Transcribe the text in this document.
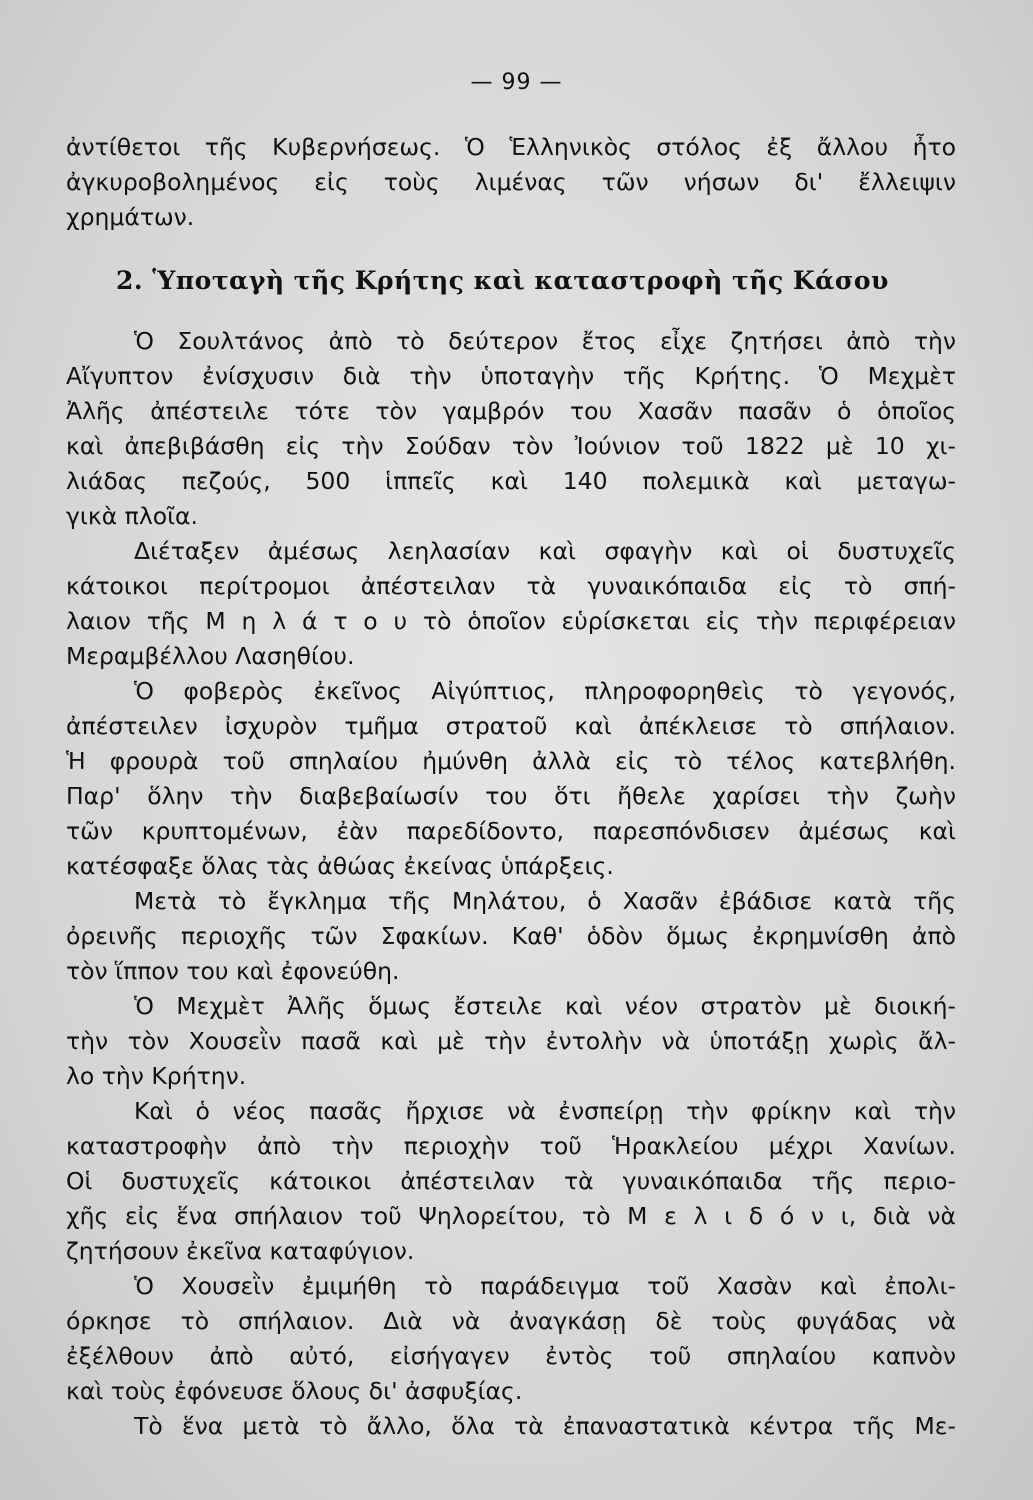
— 99 —
ἀντίθετοι τῆς Κυβερνήσεως. Ὁ Ἑλληνικὸς στόλος ἐξ ἄλλου ἦτο
ἀγκυροβολημένος εἰς τοὺς λιμένας τῶν νήσων δι' ἔλλειψιν
χρημάτων.
2. Ὑποταγὴ τῆς Κρήτης καὶ καταστροφὴ τῆς Κάσου
Ὁ Σουλτάνος ἀπὸ τὸ δεύτερον ἔτος εἶχε ζητήσει ἀπὸ τὴν
Αἴγυπτον ἐνίσχυσιν διὰ τὴν ὑποταγὴν τῆς Κρήτης. Ὁ Μεχμὲτ
Ἀλῆς ἀπέστειλε τότε τὸν γαμβρόν του Χασᾶν πασᾶν ὁ ὁποῖος
καὶ ἀπεβιβάσθη εἰς τὴν Σούδαν τὸν Ἰούνιον τοῦ 1822 μὲ 10 χι-
λιάδας πεζούς, 500 ἱππεῖς καὶ 140 πολεμικὰ καὶ μεταγω-
γικὰ πλοῖα.
Διέταξεν ἀμέσως λεηλασίαν καὶ σφαγὴν καὶ οἱ δυστυχεῖς
κάτοικοι περίτρομοι ἀπέστειλαν τὰ γυναικόπαιδα εἰς τὸ σπή-
λαιον τῆς Μ η λ ά τ ο υ τὸ ὁποῖον εὑρίσκεται εἰς τὴν περιφέρειαν
Μεραμβέλλου Λασηθίου.
Ὁ φοβερὸς ἐκεῖνος Αἰγύπτιος, πληροφορηθεὶς τὸ γεγονός,
ἀπέστειλεν ἰσχυρὸν τμῆμα στρατοῦ καὶ ἀπέκλεισε τὸ σπήλαιον.
Ἡ φρουρὰ τοῦ σπηλαίου ἠμύνθη ἀλλὰ εἰς τὸ τέλος κατεβλήθη.
Παρ' ὅλην τὴν διαβεβαίωσίν του ὅτι ἤθελε χαρίσει τὴν ζωὴν
τῶν κρυπτομένων, ἐὰν παρεδίδοντο, παρεσπόνδισεν ἀμέσως καὶ
κατέσφαξε ὅλας τὰς ἀθώας ἐκείνας ὑπάρξεις.
Μετὰ τὸ ἔγκλημα τῆς Μηλάτου, ὁ Χασᾶν ἐβάδισε κατὰ τῆς
ὀρεινῆς περιοχῆς τῶν Σφακίων. Καθ' ὁδὸν ὅμως ἐκρημνίσθη ἀπὸ
τὸν ἵππον του καὶ ἐφονεύθη.
Ὁ Μεχμὲτ Ἀλῆς ὅμως ἔστειλε καὶ νέον στρατὸν μὲ διοική-
τὴν τὸν Χουσεῒν πασᾶ καὶ μὲ τὴν ἐντολὴν νὰ ὑποτάξῃ χωρὶς ἄλ-
λο τὴν Κρήτην.
Καὶ ὁ νέος πασᾶς ἤρχισε νὰ ἐνσπείρῃ τὴν φρίκην καὶ τὴν
καταστροφὴν ἀπὸ τὴν περιοχὴν τοῦ Ἡρακλείου μέχρι Χανίων.
Οἱ δυστυχεῖς κάτοικοι ἀπέστειλαν τὰ γυναικόπαιδα τῆς περιο-
χῆς εἰς ἕνα σπήλαιον τοῦ Ψηλορείτου, τὸ Μ ε λ ι δ ό ν ι, διὰ νὰ
ζητήσουν ἐκεῖνα καταφύγιον.
Ὁ Χουσεῒν ἐμιμήθη τὸ παράδειγμα τοῦ Χασὰν καὶ ἐπολι-
όρκησε τὸ σπήλαιον. Διὰ νὰ ἀναγκάσῃ δὲ τοὺς φυγάδας νὰ
ἐξέλθουν ἀπὸ αὐτό, εἰσήγαγεν ἐντὸς τοῦ σπηλαίου καπνὸν
καὶ τοὺς ἐφόνευσε ὅλους δι' ἀσφυξίας.
Τὸ ἕνα μετὰ τὸ ἄλλο, ὅλα τὰ ἐπαναστατικὰ κέντρα τῆς Με-
